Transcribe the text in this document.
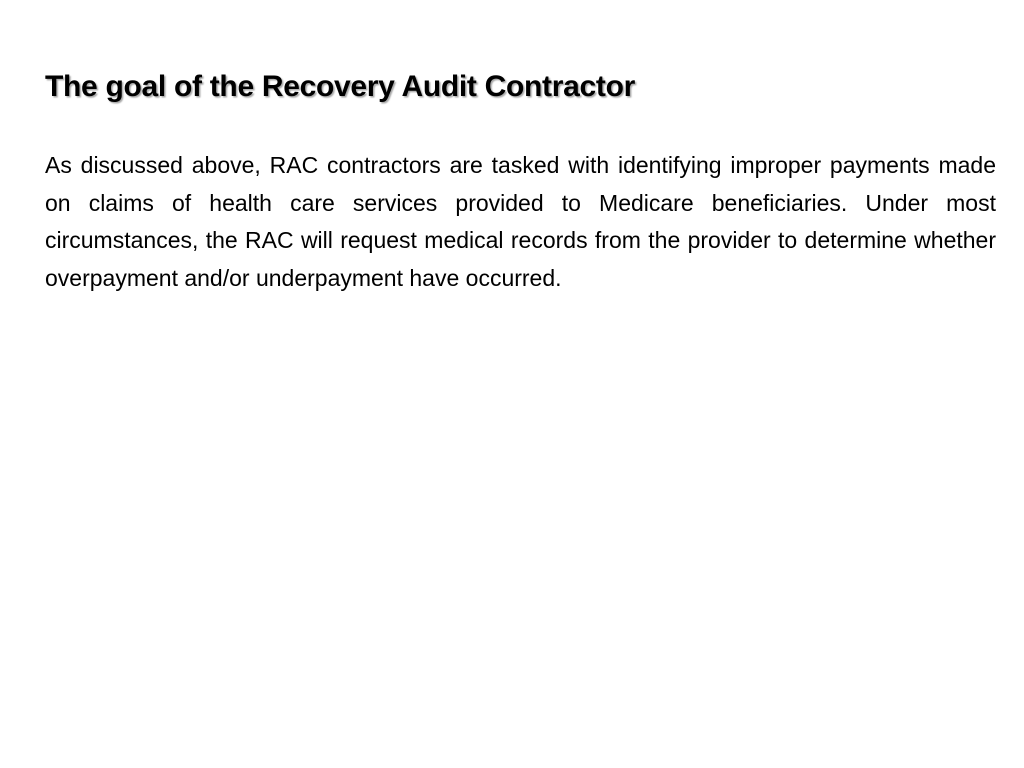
The goal of the Recovery Audit Contractor

As discussed above, RAC contractors are tasked with identifying improper payments made on claims of health care services provided to Medicare beneficiaries. Under most circumstances, the RAC will request medical records from the provider to determine whether overpayment and/or underpayment have occurred.
